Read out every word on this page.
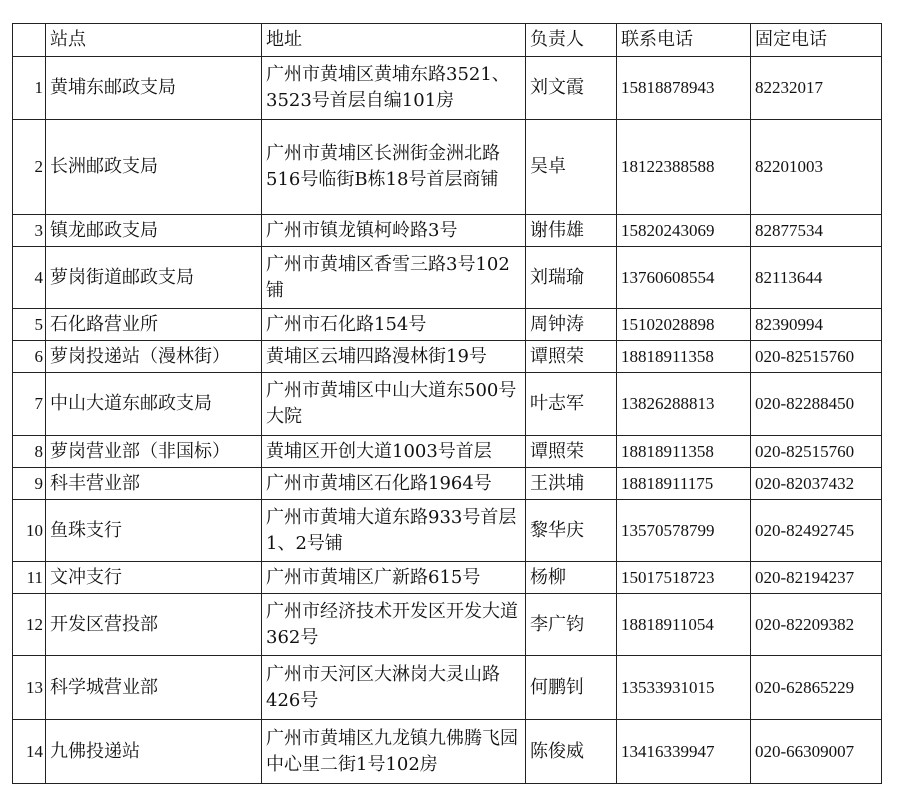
	站点	地址	负责人	联系电话	固定电话
1	黄埔东邮政支局	广州市黄埔区黄埔东路3521、3523号首层自编101房	刘文霞	15818878943	82232017
2	长洲邮政支局	广州市黄埔区长洲街金洲北路516号临街B栋18号首层商铺	吴卓	18122388588	82201003
3	镇龙邮政支局	广州市镇龙镇柯岭路3号	谢伟雄	15820243069	82877534
4	萝岗街道邮政支局	广州市黄埔区香雪三路3号102铺	刘瑞瑜	13760608554	82113644
5	石化路营业所	广州市石化路154号	周钟涛	15102028898	82390994
6	萝岗投递站（漫林街）	黄埔区云埔四路漫林街19号	谭照荣	18818911358	020-82515760
7	中山大道东邮政支局	广州市黄埔区中山大道东500号大院	叶志军	13826288813	020-82288450
8	萝岗营业部（非国标）	黄埔区开创大道1003号首层	谭照荣	18818911358	020-82515760
9	科丰营业部	广州市黄埔区石化路1964号	王洪埔	18818911175	020-82037432
10	鱼珠支行	广州市黄埔大道东路933号首层1、2号铺	黎华庆	13570578799	020-82492745
11	文冲支行	广州市黄埔区广新路615号	杨柳	15017518723	020-82194237
12	开发区营投部	广州市经济技术开发区开发大道362号	李广钧	18818911054	020-82209382
13	科学城营业部	广州市天河区大淋岗大灵山路426号	何鹏钊	13533931015	020-62865229
14	九佛投递站	广州市黄埔区九龙镇九佛腾飞园中心里二街1号102房	陈俊威	13416339947	020-66309007
